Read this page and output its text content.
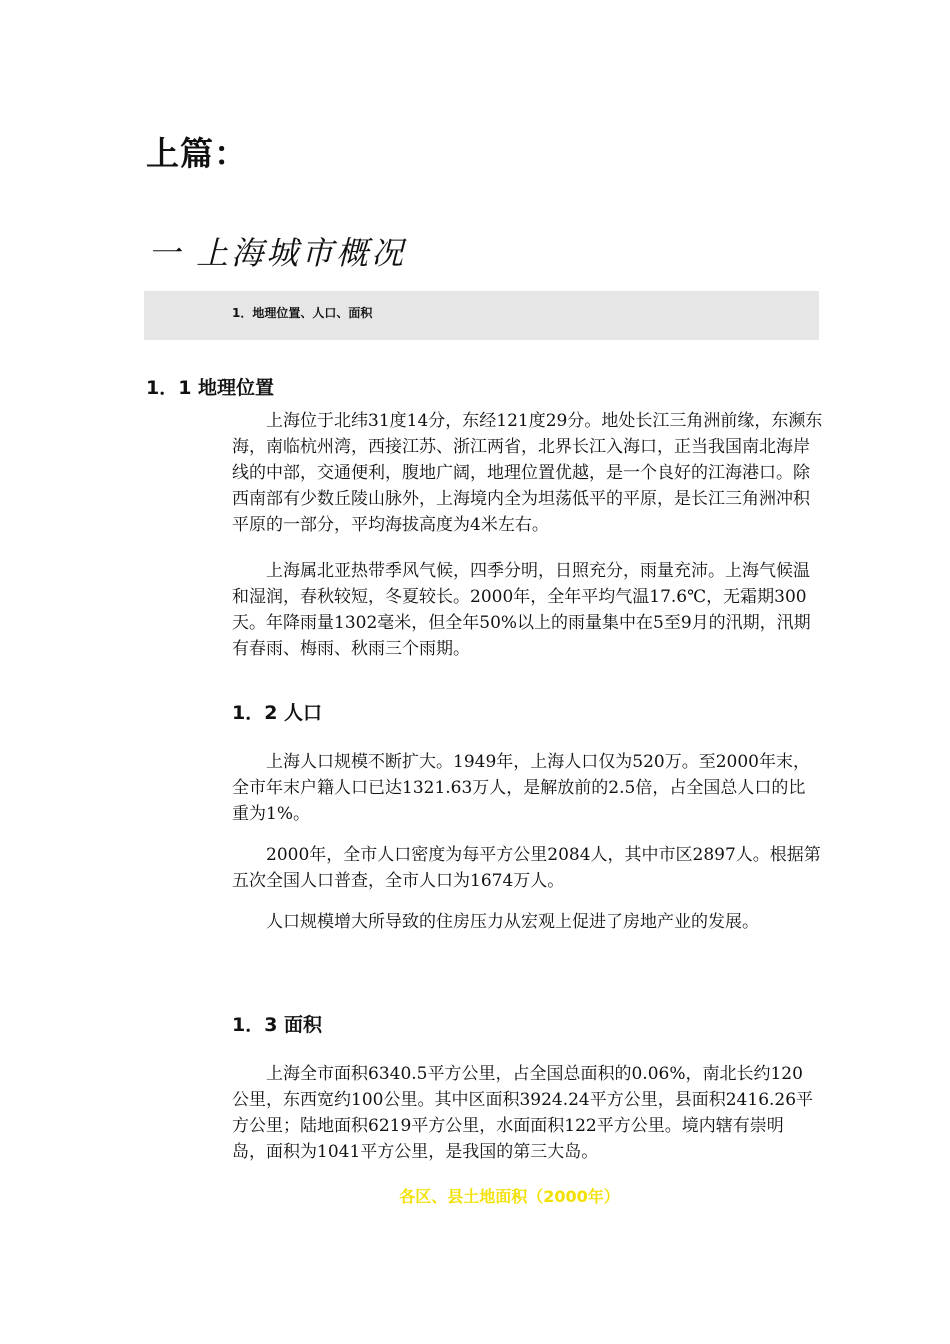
上篇：
一 上海城市概况
1．地理位置、人口、面积
1．1 地理位置

上海位于北纬31度14分，东经121度29分。地处长江三角洲前缘，东濒东海，南临杭州湾，西接江苏、浙江两省，北界长江入海口，正当我国南北海岸线的中部，交通便利，腹地广阔，地理位置优越，是一个良好的江海港口。除西南部有少数丘陵山脉外，上海境内全为坦荡低平的平原，是长江三角洲冲积平原的一部分，平均海拔高度为4米左右。

上海属北亚热带季风气候，四季分明，日照充分，雨量充沛。上海气候温和湿润，春秋较短，冬夏较长。2000年，全年平均气温17.6℃，无霜期300天。年降雨量1302毫米，但全年50%以上的雨量集中在5至9月的汛期，汛期有春雨、梅雨、秋雨三个雨期。

1．2 人口

上海人口规模不断扩大。1949年，上海人口仅为520万。至2000年末，全市年末户籍人口已达1321.63万人，是解放前的2.5倍，占全国总人口的比重为1%。

2000年，全市人口密度为每平方公里2084人，其中市区2897人。根据第五次全国人口普查，全市人口为1674万人。

人口规模增大所导致的住房压力从宏观上促进了房地产业的发展。

1．3 面积

上海全市面积6340.5平方公里，占全国总面积的0.06%，南北长约120公里，东西宽约100公里。其中区面积3924.24平方公里，县面积2416.26平方公里；陆地面积6219平方公里，水面面积122平方公里。境内辖有崇明岛，面积为1041平方公里，是我国的第三大岛。

各区、县土地面积（2000年）
